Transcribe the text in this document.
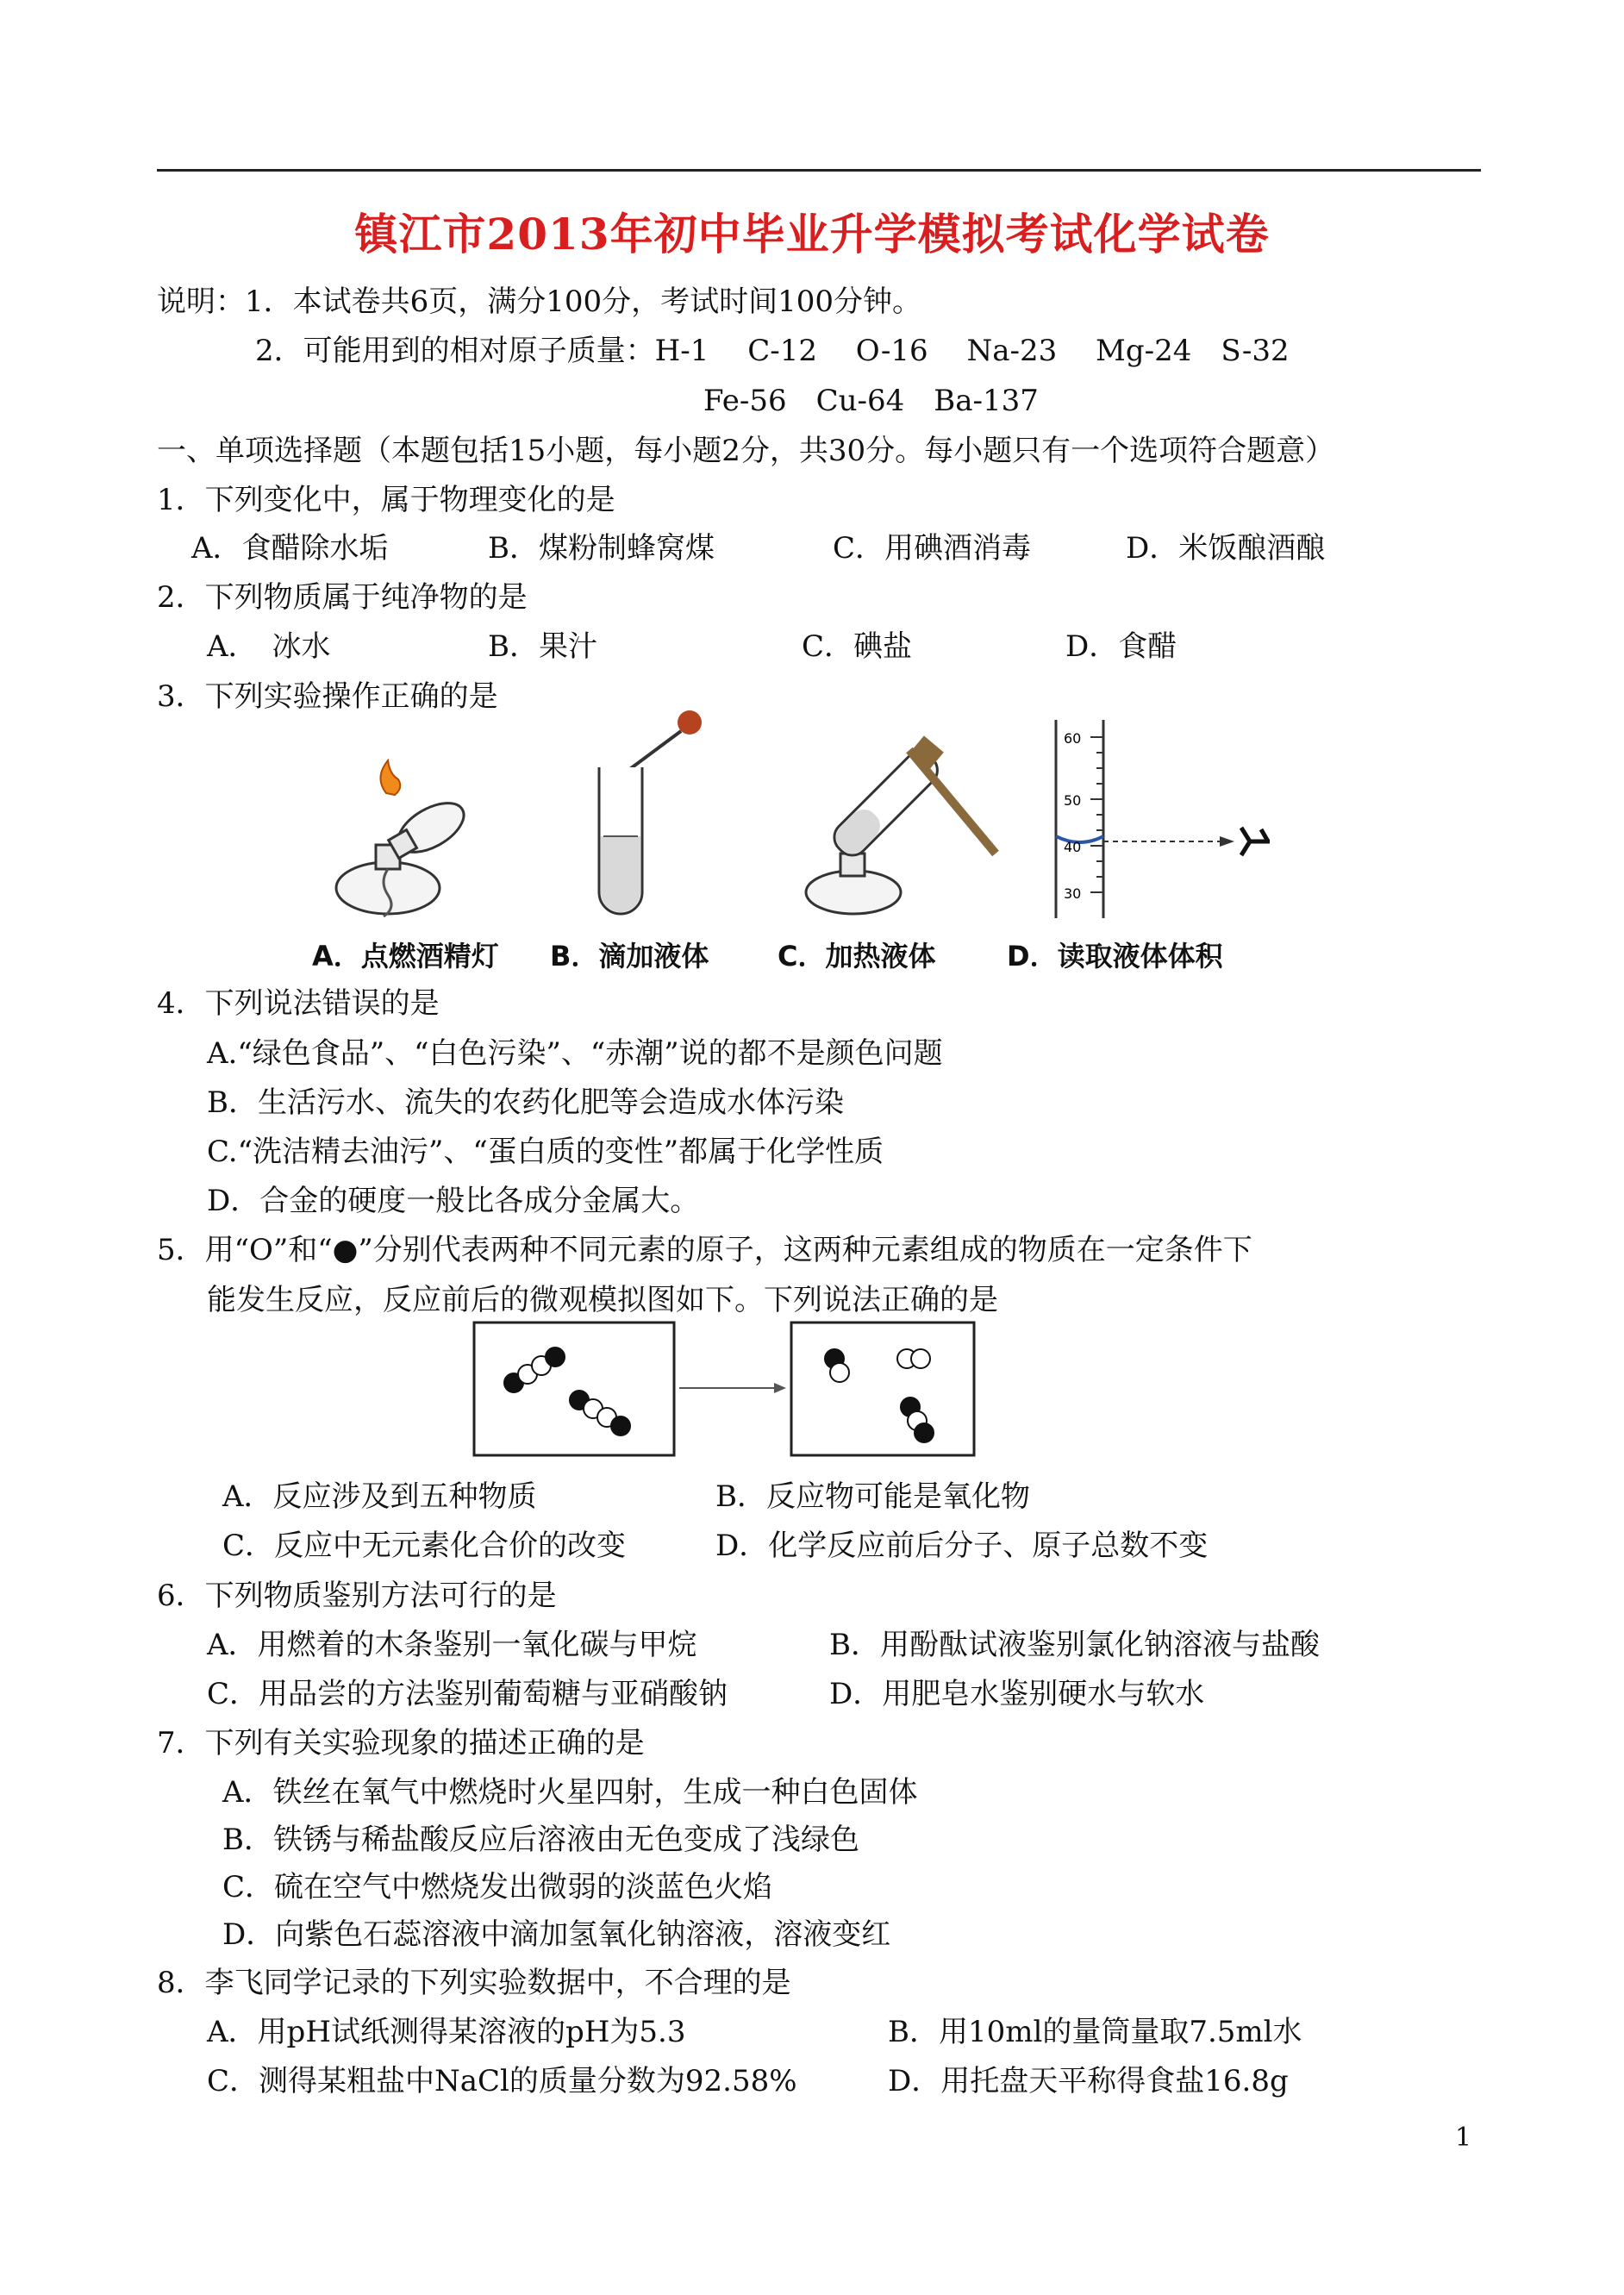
镇江市2013年初中毕业升学模拟考试化学试卷
说明：1．本试卷共6页，满分100分，考试时间100分钟。
2．可能用到的相对原子质量：H-1　 C-12　 O-16　 Na-23　 Mg-24　S-32
Fe-56　Cu-64　Ba-137
一、单项选择题（本题包括15小题，每小题2分，共30分。每小题只有一个选项符合题意）
1．下列变化中，属于物理变化的是
A．食醋除水垢	B．煤粉制蜂窝煤	C．用碘酒消毒	D．米饭酿酒酿
2．下列物质属于纯净物的是
A．　冰水	B．果汁	C．碘盐	D．食醋
3．下列实验操作正确的是
60
50
40
30
A．点燃酒精灯 B．滴加液体 C．加热液体	D．读取液体体积
4．下列说法错误的是
A.“绿色食品”、“白色污染”、“赤潮”说的都不是颜色问题
B．生活污水、流失的农药化肥等会造成水体污染
C.“洗洁精去油污”、“蛋白质的变性”都属于化学性质
D．合金的硬度一般比各成分金属大。
5．用“O”和“●”分别代表两种不同元素的原子，这两种元素组成的物质在一定条件下
能发生反应，反应前后的微观模拟图如下。下列说法正确的是
A．反应涉及到五种物质	B．反应物可能是氧化物
C．反应中无元素化合价的改变	D．化学反应前后分子、原子总数不变
6．下列物质鉴别方法可行的是
A．用燃着的木条鉴别一氧化碳与甲烷	B．用酚酞试液鉴别氯化钠溶液与盐酸
C．用品尝的方法鉴别葡萄糖与亚硝酸钠	D．用肥皂水鉴别硬水与软水
7．下列有关实验现象的描述正确的是
A．铁丝在氧气中燃烧时火星四射，生成一种白色固体
B．铁锈与稀盐酸反应后溶液由无色变成了浅绿色
C．硫在空气中燃烧发出微弱的淡蓝色火焰
D．向紫色石蕊溶液中滴加氢氧化钠溶液，溶液变红
8．李飞同学记录的下列实验数据中，不合理的是
A．用pH试纸测得某溶液的pH为5.3	B．用10ml的量筒量取7.5ml水
C．测得某粗盐中NaCl的质量分数为92.58%	D．用托盘天平称得食盐16.8g
1
